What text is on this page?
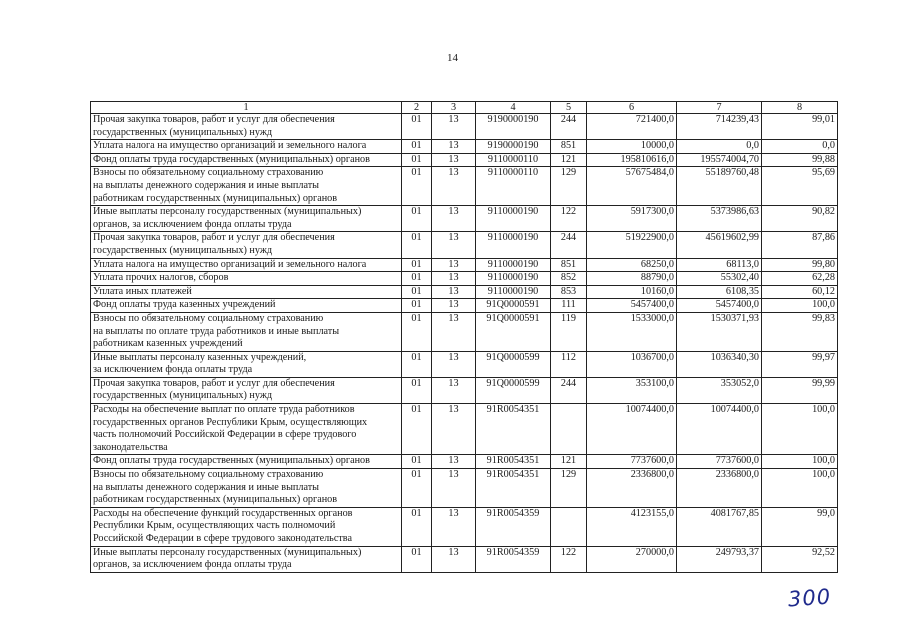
14
1	2	3	4	5	6	7	8
Прочая закупка товаров, работ и услуг для обеспечения
государственных (муниципальных) нужд	01	13	9190000190	244	721400,0	714239,43	99,01
Уплата налога на имущество организаций и земельного налога	01	13	9190000190	851	10000,0	0,0	0,0
Фонд оплаты труда государственных (муниципальных) органов	01	13	9110000110	121	195810616,0	195574004,70	99,88
Взносы по обязательному социальному страхованию
на выплаты денежного содержания и иные выплаты
работникам государственных (муниципальных) органов	01	13	9110000110	129	57675484,0	55189760,48	95,69
Иные выплаты персоналу государственных (муниципальных)
органов, за исключением фонда оплаты труда	01	13	9110000190	122	5917300,0	5373986,63	90,82
Прочая закупка товаров, работ и услуг для обеспечения
государственных (муниципальных) нужд	01	13	9110000190	244	51922900,0	45619602,99	87,86
Уплата налога на имущество организаций и земельного налога	01	13	9110000190	851	68250,0	68113,0	99,80
Уплата прочих налогов, сборов	01	13	9110000190	852	88790,0	55302,40	62,28
Уплата иных платежей	01	13	9110000190	853	10160,0	6108,35	60,12
Фонд оплаты труда казенных учреждений	01	13	91Q0000591	111	5457400,0	5457400,0	100,0
Взносы по обязательному социальному страхованию
на выплаты по оплате труда работников и иные выплаты
работникам казенных учреждений	01	13	91Q0000591	119	1533000,0	1530371,93	99,83
Иные выплаты персоналу казенных учреждений,
за исключением фонда оплаты труда	01	13	91Q0000599	112	1036700,0	1036340,30	99,97
Прочая закупка товаров, работ и услуг для обеспечения
государственных (муниципальных) нужд	01	13	91Q0000599	244	353100,0	353052,0	99,99
Расходы на обеспечение выплат по оплате труда работников
государственных органов Республики Крым, осуществляющих
часть полномочий Российской Федерации в сфере трудового
законодательства	01	13	91R0054351		10074400,0	10074400,0	100,0
Фонд оплаты труда государственных (муниципальных) органов	01	13	91R0054351	121	7737600,0	7737600,0	100,0
Взносы по обязательному социальному страхованию
на выплаты денежного содержания и иные выплаты
работникам государственных (муниципальных) органов	01	13	91R0054351	129	2336800,0	2336800,0	100,0
Расходы на обеспечение функций государственных органов
Республики Крым, осуществляющих часть полномочий
Российской Федерации в сфере трудового законодательства	01	13	91R0054359		4123155,0	4081767,85	99,0
Иные выплаты персоналу государственных (муниципальных)
органов, за исключением фонда оплаты труда	01	13	91R0054359	122	270000,0	249793,37	92,52
300
